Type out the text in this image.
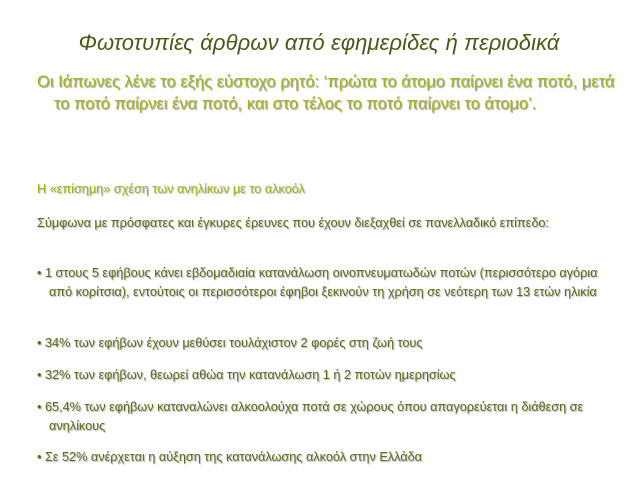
Φωτοτυπίες άρθρων από εφημερίδες ή περιοδικά
Οι Ιάπωνες λένε το εξής εύστοχο ρητό: ‘πρώτα το άτομο παίρνει ένα ποτό, μετά το ποτό παίρνει ένα ποτό, και στο τέλος το ποτό παίρνει το άτομο’.
Η «επίσημη» σχέση των ανηλίκων με το αλκοόλ
Σύμφωνα με πρόσφατες και έγκυρες έρευνες που έχουν διεξαχθεί σε πανελλαδικό επίπεδο:
• 1 στους 5 εφήβους κάνει εβδομαδιαία κατανάλωση οινοπνευματωδών ποτών (περισσότερο αγόρια από κορίτσια), εντούτοις οι περισσότεροι έφηβοι ξεκινούν τη χρήση σε νεότερη των 13 ετών ηλικία
• 34% των εφήβων έχουν μεθύσει τουλάχιστον 2 φορές στη ζωή τους
• 32% των εφήβων, θεωρεί αθώα την κατανάλωση 1 ή 2 ποτών ημερησίως
• 65,4% των εφήβων καταναλώνει αλκοολούχα ποτά σε χώρους όπου απαγορεύεται η διάθεση σε ανηλίκους
• Σε 52% ανέρχεται η αύξηση της κατανάλωσης αλκοόλ στην Ελλάδα
